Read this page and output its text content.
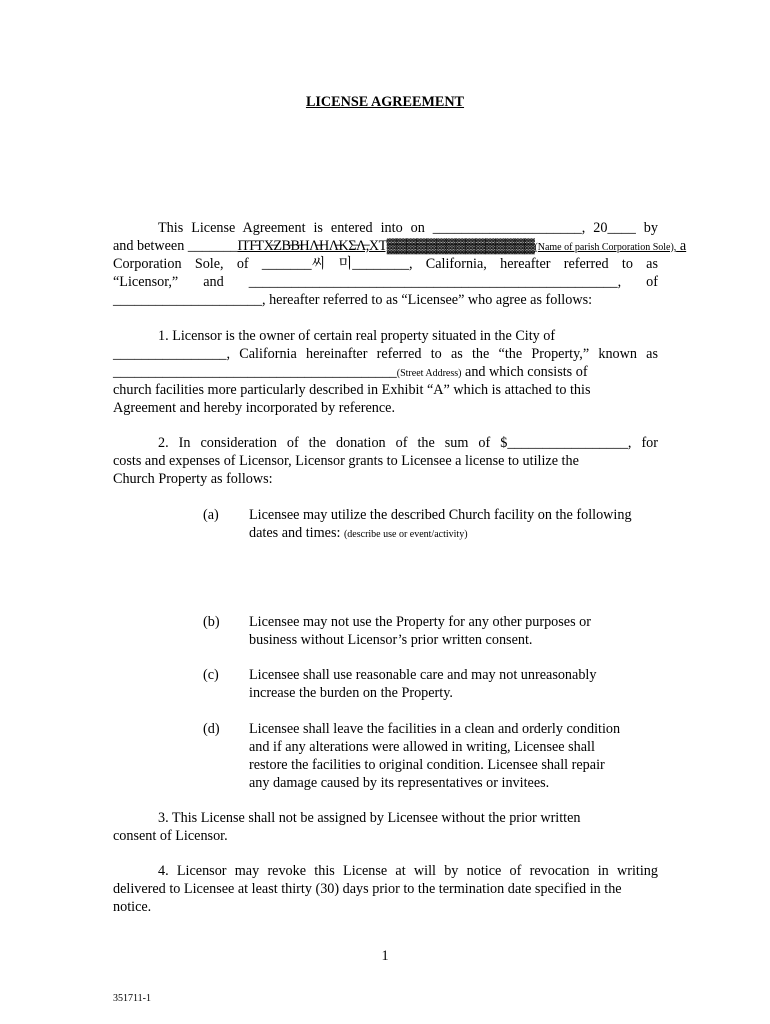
LICENSE AGREEMENT

This License Agreement is entered into on _____________________, 20____ by

and between _______ΠΤ̶ΤΧ̶ΖΒ̶Β̶ΗΛ̶ΗΛ̶ΚΣ̶Λ̶,ΧΤ▓▓▓▓▓▓▓▓▓▓▓▓▓▓▓(Name of parish Corporation Sole), a

Corporation Sole, of _______씨 미________, California, hereafter referred to as

“Licensor,” and ____________________________________________________, of

_____________________, hereafter referred to as “Licensee” who agree as follows:

1. Licensor is the owner of certain real property situated in the City of

________________, California hereinafter referred to as the “the Property,” known as

________________________________________(Street Address) and which consists of

church facilities more particularly described in Exhibit “A” which is attached to this

Agreement and hereby incorporated by reference.

2. In consideration of the donation of the sum of $_________________, for

costs and expenses of Licensor, Licensor grants to Licensee a license to utilize the

Church Property as follows:

(a) Licensee may utilize the described Church facility on the following

dates and times: (describe use or event/activity)

(b) Licensee may not use the Property for any other purposes or

business without Licensor’s prior written consent.

(c) Licensee shall use reasonable care and may not unreasonably

increase the burden on the Property.

(d) Licensee shall leave the facilities in a clean and orderly condition

and if any alterations were allowed in writing, Licensee shall

restore the facilities to original condition. Licensee shall repair

any damage caused by its representatives or invitees.

3. This License shall not be assigned by Licensee without the prior written

consent of Licensor.

4. Licensor may revoke this License at will by notice of revocation in writing

delivered to Licensee at least thirty (30) days prior to the termination date specified in the

notice.

1

351711-1
